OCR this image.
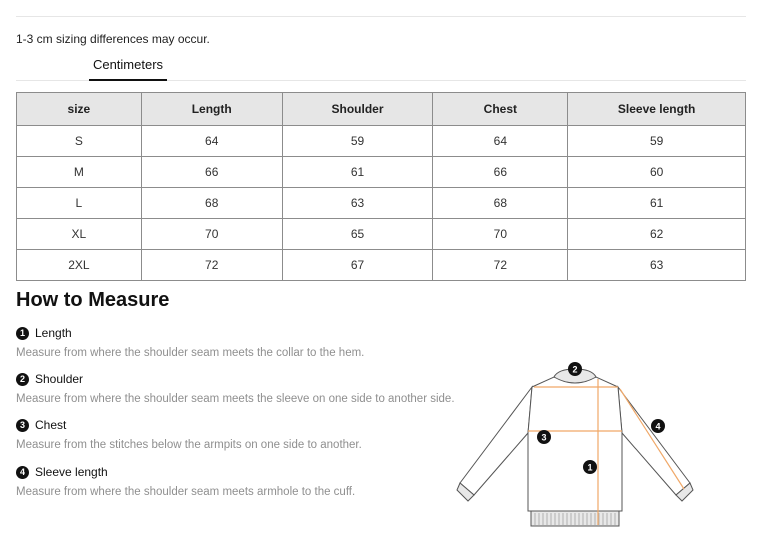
1-3 cm sizing differences may occur.
Centimeters
size	Length	Shoulder	Chest	Sleeve length
S	64	59	64	59
M	66	61	66	60
L	68	63	68	61
XL	70	65	70	62
2XL	72	67	72	63
How to Measure
1 Length
Measure from where the shoulder seam meets the collar to the hem.
2 Shoulder
Measure from where the shoulder seam meets the sleeve on one side to another side.
3 Chest
Measure from the stitches below the armpits on one side to another.
4 Sleeve length
Measure from where the shoulder seam meets armhole to the cuff.
2
3
1
4
